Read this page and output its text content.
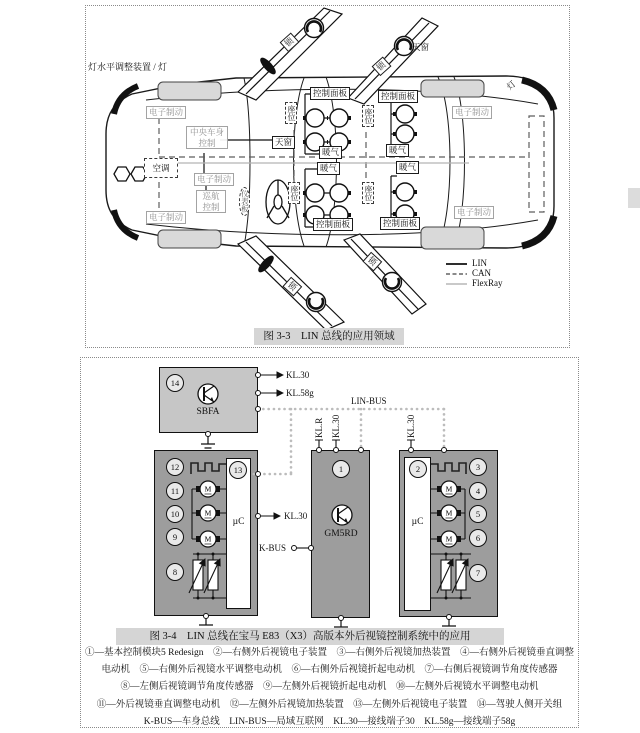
灯水平调整装置 / 灯
电子制动
电子制动
电子制动
电子制动
电子制动
中央车身控制
巡航控制
空调
仪表板
天窗
天窗
座位
座位
座位
座位
暖气
暖气
暖气
暖气
控制面板
控制面板
控制面板
控制面板
锁
锁
锁
锁
灯
LIN
CAN
FlexRay
图 3-3　LIN 总线的应用领域
M
M
M
M
M
M
14
13
12
11
10
9
8
1	2	3
4
5
6
7
SBFA
GM5RD
µC	µC
KL.30
KL.58g
KL.30
LIN-BUS
KL.R KL.30	KL.30
K-BUS
图 3-4　LIN 总线在宝马 E83（X3）高版本外后视镜控制系统中的应用
①—基本控制模块5 Redesign　②—右侧外后视镜电子装置　③—右侧外后视镜加热装置　④—右侧外后视镜垂直调整
电动机　⑤—右侧外后视镜水平调整电动机　⑥—右侧外后视镜折起电动机　⑦—右侧后视镜调节角度传感器
⑧—左侧后视镜调节角度传感器　⑨—左侧外后视镜折起电动机　⑩—左侧外后视镜水平调整电动机
⑪—外后视镜垂直调整电动机　⑫—左侧外后视镜加热装置　⑬—左侧外后视镜电子装置　⑭—驾驶人侧开关组
K-BUS—车身总线　LIN-BUS—局域互联网　KL.30—接线端子30　KL.58g—接线端子58g
